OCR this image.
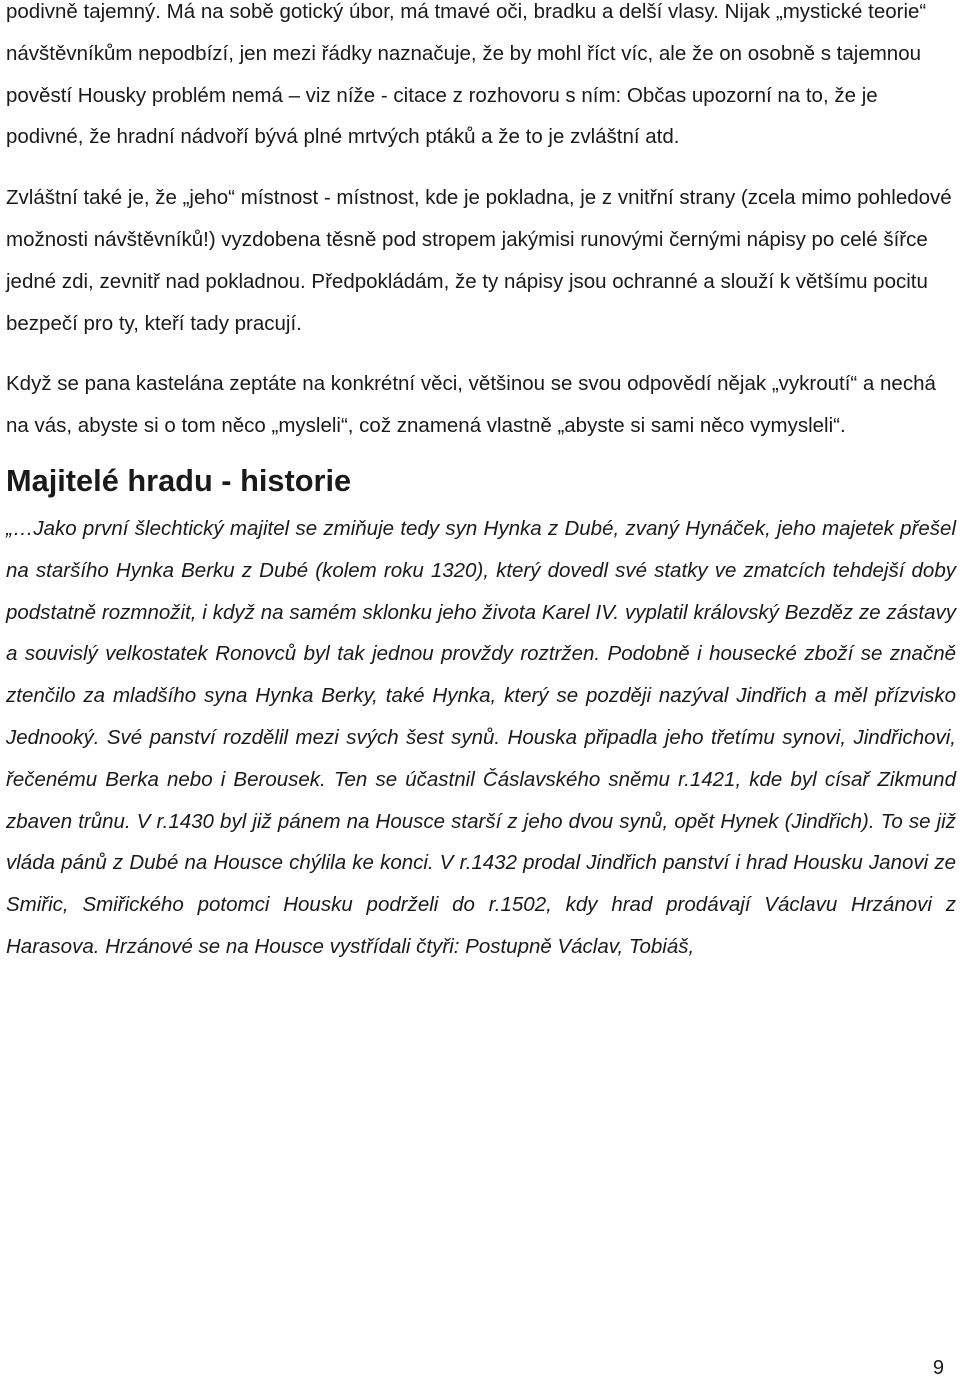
podivně tajemný. Má na sobě gotický úbor, má tmavé oči, bradku a delší vlasy. Nijak „mystické teorie“ návštěvníkům nepodbízí, jen mezi řádky naznačuje, že by mohl říct víc, ale že on osobně s tajemnou pověstí Housky problém nemá – viz níže - citace z rozhovoru s ním: Občas upozorní na to, že je podivné, že hradní nádvoří bývá plné mrtvých ptáků a že to je zvláštní atd.

Zvláštní také je, že „jeho“ místnost - místnost, kde je pokladna, je z vnitřní strany (zcela mimo pohledové možnosti návštěvníků!) vyzdobena těsně pod stropem jakýmisi runovými černými nápisy po celé šířce jedné zdi, zevnitř nad pokladnou. Předpokládám, že ty nápisy jsou ochranné a slouží k většímu pocitu bezpečí pro ty, kteří tady pracují.

Když se pana kastelána zeptáte na konkrétní věci, většinou se svou odpovědí nějak „vykroutí“ a nechá na vás, abyste si o tom něco „mysleli“, což znamená vlastně „abyste si sami něco vymysleli“.

Majitelé hradu - historie

„…Jako první šlechtický majitel se zmiňuje tedy syn Hynka z Dubé, zvaný Hynáček, jeho majetek přešel na staršího Hynka Berku z Dubé (kolem roku 1320), který dovedl své statky ve zmatcích tehdejší doby podstatně rozmnožit, i když na samém sklonku jeho života Karel IV. vyplatil královský Bezděz ze zástavy a souvislý velkostatek Ronovců byl tak jednou provždy roztržen. Podobně i housecké zboží se značně ztenčilo za mladšího syna Hynka Berky, také Hynka, který se později nazýval Jindřich a měl přízvisko Jednooký. Své panství rozdělil mezi svých šest synů. Houska připadla jeho třetímu synovi, Jindřichovi, řečenému Berka nebo i Berousek. Ten se účastnil Čáslavského sněmu r.1421, kde byl císař Zikmund zbaven trůnu. V r.1430 byl již pánem na Housce starší z jeho dvou synů, opět Hynek (Jindřich). To se již vláda pánů z Dubé na Housce chýlila ke konci. V r.1432 prodal Jindřich panství i hrad Housku Janovi ze Smiřic, Smiřického potomci Housku podrželi do r.1502, kdy hrad prodávají Václavu Hrzánovi z Harasova. Hrzánové se na Housce vystřídali čtyři: Postupně Václav, Tobiáš,

9
